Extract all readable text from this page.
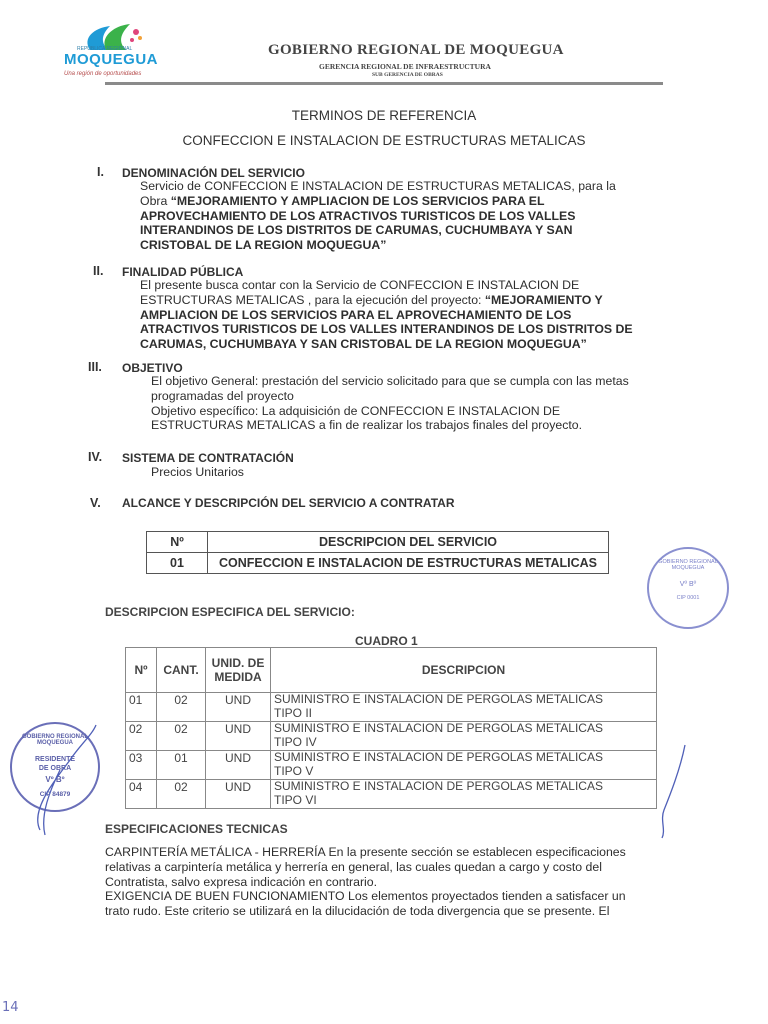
REPÚBLICA REGIONAL
MOQUEGUA
Una región de oportunidades
GOBIERNO REGIONAL DE MOQUEGUA
GERENCIA REGIONAL DE INFRAESTRUCTURA
SUB GERENCIA DE OBRAS
TERMINOS DE REFERENCIA
CONFECCION E INSTALACION DE ESTRUCTURAS METALICAS
I. DENOMINACIÓN DEL SERVICIO
Servicio de CONFECCION E INSTALACION DE ESTRUCTURAS METALICAS, para la
Obra “MEJORAMIENTO Y AMPLIACION DE LOS SERVICIOS PARA EL
APROVECHAMIENTO DE LOS ATRACTIVOS TURISTICOS DE LOS VALLES
INTERANDINOS DE LOS DISTRITOS DE CARUMAS, CUCHUMBAYA Y SAN
CRISTOBAL DE LA REGION MOQUEGUA”
II. FINALIDAD PÚBLICA
El presente busca contar con la Servicio de CONFECCION E INSTALACION DE
ESTRUCTURAS METALICAS , para la ejecución del proyecto: “MEJORAMIENTO Y
AMPLIACION DE LOS SERVICIOS PARA EL APROVECHAMIENTO DE LOS
ATRACTIVOS TURISTICOS DE LOS VALLES INTERANDINOS DE LOS DISTRITOS DE
CARUMAS, CUCHUMBAYA Y SAN CRISTOBAL DE LA REGION MOQUEGUA”
III. OBJETIVO
El objetivo General: prestación del servicio solicitado para que se cumpla con las metas
programadas del proyecto
Objetivo específico: La adquisición de CONFECCION E INSTALACION DE
ESTRUCTURAS METALICAS a fin de realizar los trabajos finales del proyecto.
IV. SISTEMA DE CONTRATACIÓN
Precios Unitarios
V. ALCANCE Y DESCRIPCIÓN DEL SERVICIO A CONTRATAR
Nº	DESCRIPCION DEL SERVICIO
01	CONFECCION E INSTALACION DE ESTRUCTURAS METALICAS
DESCRIPCION ESPECIFICA DEL SERVICIO:
CUADRO 1
Nº	CANT.	UNID. DE MEDIDA	DESCRIPCION
01	02	UND	SUMINISTRO E INSTALACION DE PERGOLAS METALICAS
TIPO II

02	02	UND	SUMINISTRO E INSTALACION DE PERGOLAS METALICAS
TIPO IV

03	01	UND	SUMINISTRO E INSTALACION DE PERGOLAS METALICAS
TIPO V

04	02	UND	SUMINISTRO E INSTALACION DE PERGOLAS METALICAS
TIPO VI
ESPECIFICACIONES TECNICAS
CARPINTERÍA METÁLICA - HERRERÍA En la presente sección se establecen especificaciones
relativas a carpintería metálica y herrería en general, las cuales quedan a cargo y costo del
Contratista, salvo expresa indicación en contrario.
EXIGENCIA DE BUEN FUNCIONAMIENTO Los elementos proyectados tienden a satisfacer un
trato rudo. Este criterio se utilizará en la dilucidación de toda divergencia que se presente. El
GOBIERNO REGIONAL MOQUEGUA
RESIDENTE
DE OBRA
Vº Bº
CIP 84879
GOBIERNO REGIONAL MOQUEGUA
Vº Bº
CIP 0001
14
